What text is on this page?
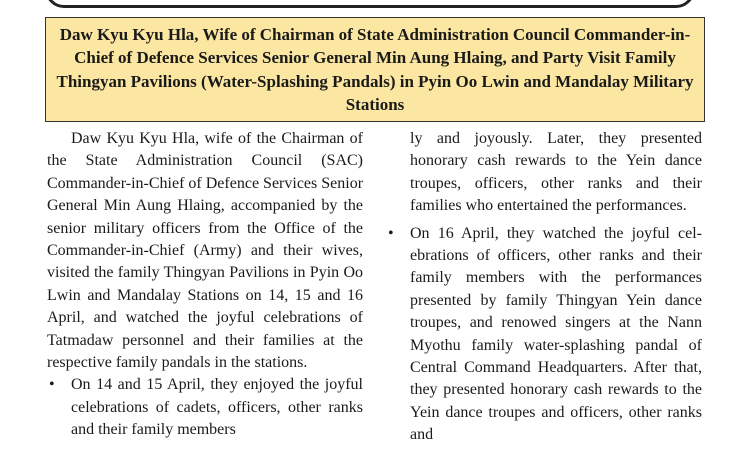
Daw Kyu Kyu Hla, Wife of Chairman of State Administration Council Commander-in-Chief of Defence Services Senior General Min Aung Hlaing, and Party Visit Family Thingyan Pavilions (Water-Splashing Pandals) in Pyin Oo Lwin and Mandalay Military Stations

Daw Kyu Kyu Hla, wife of the Chairman of the State Administration Council (SAC) Commander-in-Chief of Defence Services Senior General Min Aung Hlaing, accompanied by the senior military officers from the Office of the Commander-in-Chief (Army) and their wives, visited the family Thingyan Pavilions in Pyin Oo Lwin and Mandalay Stations on 14, 15 and 16 April, and watched the joyful celebrations of Tatmadaw personnel and their families at the respective family pandals in the stations.

• On 14 and 15 April, they enjoyed the joyful celebrations of cadets, officers, other ranks and their family members

ly and joyously. Later, they presented honorary cash rewards to the Yein dance troupes, officers, other ranks and their families who entertained the performances.

• On 16 April, they watched the joyful celebrations of officers, other ranks and their family members with the performances presented by family Thingyan Yein dance troupes, and renowed singers at the Nann Myothu family water-splashing pandal of Central Command Headquarters. After that, they presented honorary cash rewards to the Yein dance troupes and officers, other ranks and
